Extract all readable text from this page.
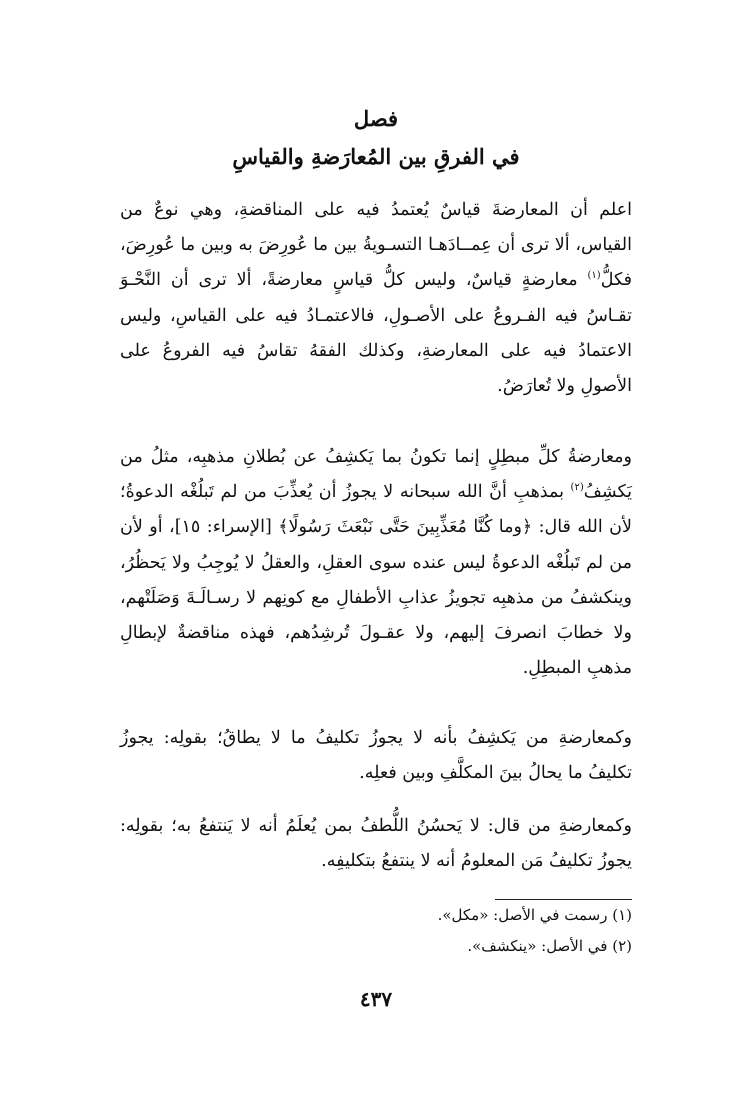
فصل
في الفرقِ بين المُعارَضةِ والقياسِ

اعلم أن المعارضةَ قياسٌ يُعتمدُ فيه على المناقضةِ، وهي نوعٌ من القياس، ألا ترى أن عِمــادَهـا التسـويةُ بين ما عُورِضَ به وبين ما عُورِضَ، فكلُّ$^{(١)}$ معارضةٍ قياسٌ، وليس كلُّ قياسٍ معارضةً، ألا ترى أن النَّحْـوَ تقـاسُ فيه الفـروعُ على الأصـولِ، فالاعتمـادُ فيه على القياسِ، وليس الاعتمادُ فيه على المعارضةِ، وكذلك الفقهُ تقاسُ فيه الفروعُ على الأصولِ ولا تُعارَضُ.

ومعارضةُ كلِّ مبطِلٍ إنما تكونُ بما يَكشِفُ عن بُطلانِ مذهبِه، مثلُ من يَكشِفُ$^{(٢)}$ بمذهبِ أنَّ الله سبحانه لا يجوزُ أن يُعذِّبَ من لم تَبلُغْه الدعوةُ؛ لأن الله قال: ﴿وما كُنَّا مُعَذِّبِينَ حَتَّى نَبْعَثَ رَسُولًا﴾ [الإسراء: ١٥]، أو لأن من لم تَبلُغْه الدعوةُ ليس عنده سوى العقلِ، والعقلُ لا يُوجِبُ ولا يَحظُرُ، وينكشفُ من مذهبِه تجويزُ عذابِ الأطفالِ مع كونِهم لا رسـالَـةَ وَصَلَتْهم، ولا خطابَ انصرفَ إليهم، ولا عقـولَ تُرشِدُهم، فهذه مناقضةٌ لإبطالِ مذهبِ المبطِلِ.

وكمعارضةِ من يَكشِفُ بأنه لا يجوزُ تكليفُ ما لا يطاقُ؛ بقولِه: يجوزُ تكليفُ ما يحالُ بينَ المكلَّفِ وبين فعلِه.

وكمعارضةِ من قال: لا يَحسُنُ اللُّطفُ بمن يُعلَمُ أنه لا يَنتفعُ به؛ بقولِه: يجوزُ تكليفُ مَن المعلومُ أنه لا ينتفعُ بتكليفِه.

(١) رسمت في الأصل: «مكل».
(٢) في الأصل: «ينكشف».
٤٣٧
